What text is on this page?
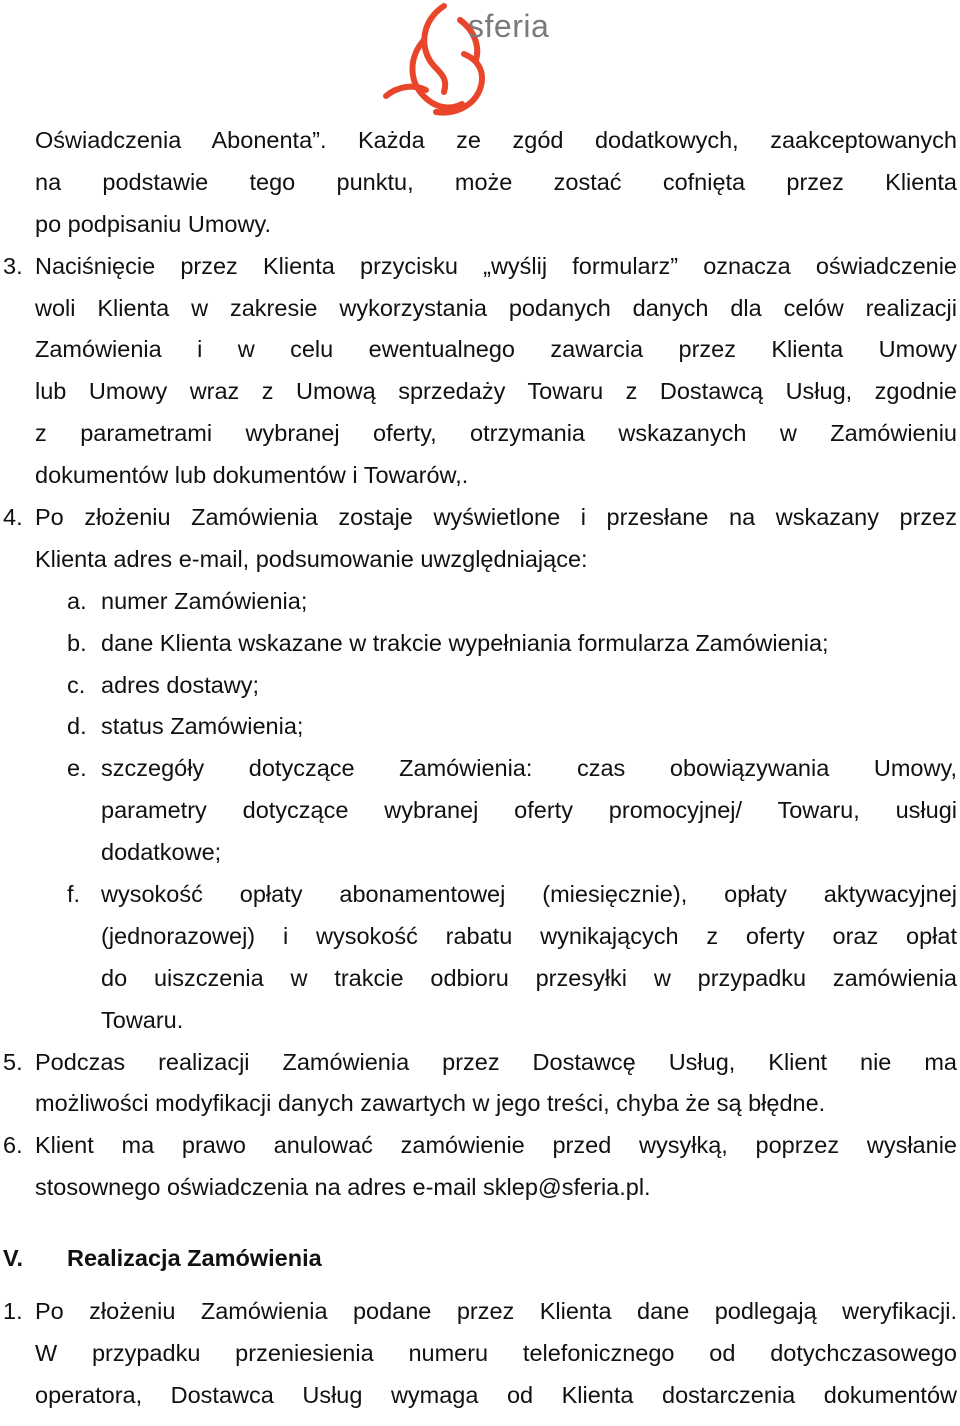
sferia
Oświadczenia Abonenta”. Każda ze zgód dodatkowych, zaakceptowanych
na podstawie tego punktu, może zostać cofnięta przez Klienta
po podpisaniu Umowy.
3. Naciśnięcie przez Klienta przycisku „wyślij formularz” oznacza oświadczenie
woli Klienta w zakresie wykorzystania podanych danych dla celów realizacji
Zamówienia i w celu ewentualnego zawarcia przez Klienta Umowy
lub Umowy wraz z Umową sprzedaży Towaru z Dostawcą Usług, zgodnie
z parametrami wybranej oferty, otrzymania wskazanych w Zamówieniu
dokumentów lub dokumentów i Towarów,.
4. Po złożeniu Zamówienia zostaje wyświetlone i przesłane na wskazany przez
Klienta adres e-mail, podsumowanie uwzględniające:
a. numer Zamówienia;
b. dane Klienta wskazane w trakcie wypełniania formularza Zamówienia;
c. adres dostawy;
d. status Zamówienia;
e. szczegóły dotyczące Zamówienia: czas obowiązywania Umowy,
parametry dotyczące wybranej oferty promocyjnej/ Towaru, usługi
dodatkowe;
f. wysokość opłaty abonamentowej (miesięcznie), opłaty aktywacyjnej
(jednorazowej) i wysokość rabatu wynikających z oferty oraz opłat
do uiszczenia w trakcie odbioru przesyłki w przypadku zamówienia
Towaru.
5. Podczas realizacji Zamówienia przez Dostawcę Usług, Klient nie ma
możliwości modyfikacji danych zawartych w jego treści, chyba że są błędne.
6. Klient ma prawo anulować zamówienie przed wysyłką, poprzez wysłanie
stosownego oświadczenia na adres e-mail sklep@sferia.pl.
V. Realizacja Zamówienia
1. Po złożeniu Zamówienia podane przez Klienta dane podlegają weryfikacji.
W przypadku przeniesienia numeru telefonicznego od dotychczasowego
operatora, Dostawca Usług wymaga od Klienta dostarczenia dokumentów
